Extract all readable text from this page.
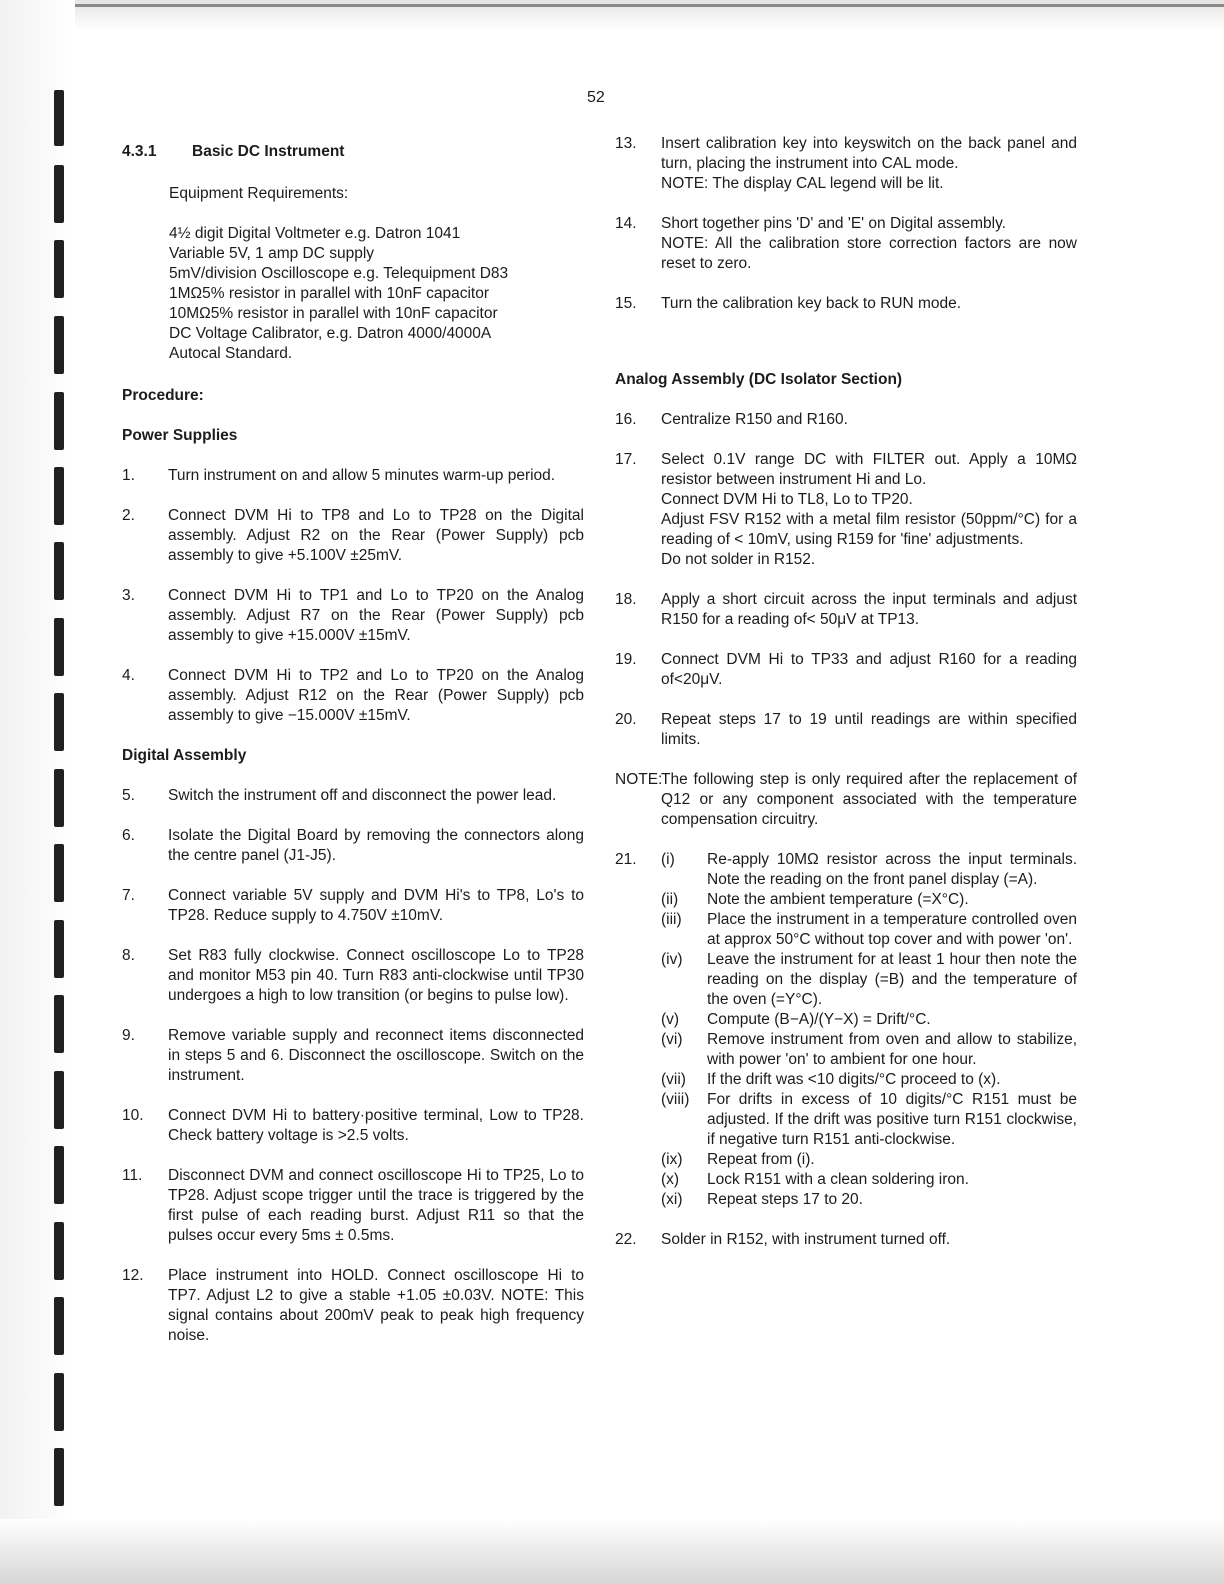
52
4.3.1 Basic DC Instrument
Equipment Requirements:
4½ digit Digital Voltmeter e.g. Datron 1041
Variable 5V, 1 amp DC supply
5mV/division Oscilloscope e.g. Telequipment D83
1MΩ5% resistor in parallel with 10nF capacitor
10MΩ5% resistor in parallel with 10nF capacitor
DC Voltage Calibrator, e.g. Datron 4000/4000A
Autocal Standard.
Procedure:
Power Supplies
1.	Turn instrument on and allow 5 minutes warm-up period.
2.	Connect DVM Hi to TP8 and Lo to TP28 on the Digital assembly. Adjust R2 on the Rear (Power Supply) pcb assembly to give +5.100V ±25mV.
3.	Connect DVM Hi to TP1 and Lo to TP20 on the Analog assembly. Adjust R7 on the Rear (Power Supply) pcb assembly to give +15.000V ±15mV.
4.	Connect DVM Hi to TP2 and Lo to TP20 on the Analog assembly. Adjust R12 on the Rear (Power Supply) pcb assembly to give −15.000V ±15mV.
Digital Assembly
5.	Switch the instrument off and disconnect the power lead.
6.	Isolate the Digital Board by removing the connectors along the centre panel (J1-J5).
7.	Connect variable 5V supply and DVM Hi's to TP8, Lo's to TP28. Reduce supply to 4.750V ±10mV.
8.	Set R83 fully clockwise. Connect oscilloscope Lo to TP28 and monitor M53 pin 40. Turn R83 anti-clockwise until TP30 undergoes a high to low transition (or begins to pulse low).
9.	Remove variable supply and reconnect items disconnected in steps 5 and 6. Disconnect the oscilloscope. Switch on the instrument.
10.	Connect DVM Hi to battery·positive terminal, Low to TP28. Check battery voltage is >2.5 volts.
11.	Disconnect DVM and connect oscilloscope Hi to TP25, Lo to TP28. Adjust scope trigger until the trace is triggered by the first pulse of each reading burst. Adjust R11 so that the pulses occur every 5ms ± 0.5ms.
12.	Place instrument into HOLD. Connect oscilloscope Hi to TP7. Adjust L2 to give a stable +1.05 ±0.03V. NOTE: This signal contains about 200mV peak to peak high frequency noise.
13.	Insert calibration key into keyswitch on the back panel and turn, placing the instrument into CAL mode.
NOTE: The display CAL legend will be lit.
14.	Short together pins 'D' and 'E' on Digital assembly.
NOTE: All the calibration store correction factors are now reset to zero.
15.	Turn the calibration key back to RUN mode.
Analog Assembly (DC Isolator Section)
16.	Centralize R150 and R160.
17.	Select 0.1V range DC with FILTER out. Apply a 10MΩ resistor between instrument Hi and Lo.
Connect DVM Hi to TL8, Lo to TP20.
Adjust FSV R152 with a metal film resistor (50ppm/°C) for a reading of < 10mV, using R159 for 'fine' adjustments.
Do not solder in R152.
18.	Apply a short circuit across the input terminals and adjust R150 for a reading of< 50μV at TP13.
19.	Connect DVM Hi to TP33 and adjust R160 for a reading of<20μV.
20.	Repeat steps 17 to 19 until readings are within specified limits.
NOTE:
The following step is only required after the replacement of Q12 or any component associated with the temperature compensation circuitry.
21.	(i)	Re-apply 10MΩ resistor across the input terminals. Note the reading on the front panel display (=A).
(ii)	Note the ambient temperature (=X°C).
(iii)	Place the instrument in a temperature controlled oven at approx 50°C without top cover and with power 'on'.
(iv)	Leave the instrument for at least 1 hour then note the reading on the display (=B) and the temperature of the oven (=Y°C).
(v)	Compute (B−A)/(Y−X) = Drift/°C.
(vi)	Remove instrument from oven and allow to stabilize, with power 'on' to ambient for one hour.
(vii)	If the drift was <10 digits/°C proceed to (x).
(viii)	For drifts in excess of 10 digits/°C R151 must be adjusted. If the drift was positive turn R151 clockwise, if negative turn R151 anti-clockwise.
(ix)	Repeat from (i).
(x)	Lock R151 with a clean soldering iron.
(xi)	Repeat steps 17 to 20.
22.	Solder in R152, with instrument turned off.
